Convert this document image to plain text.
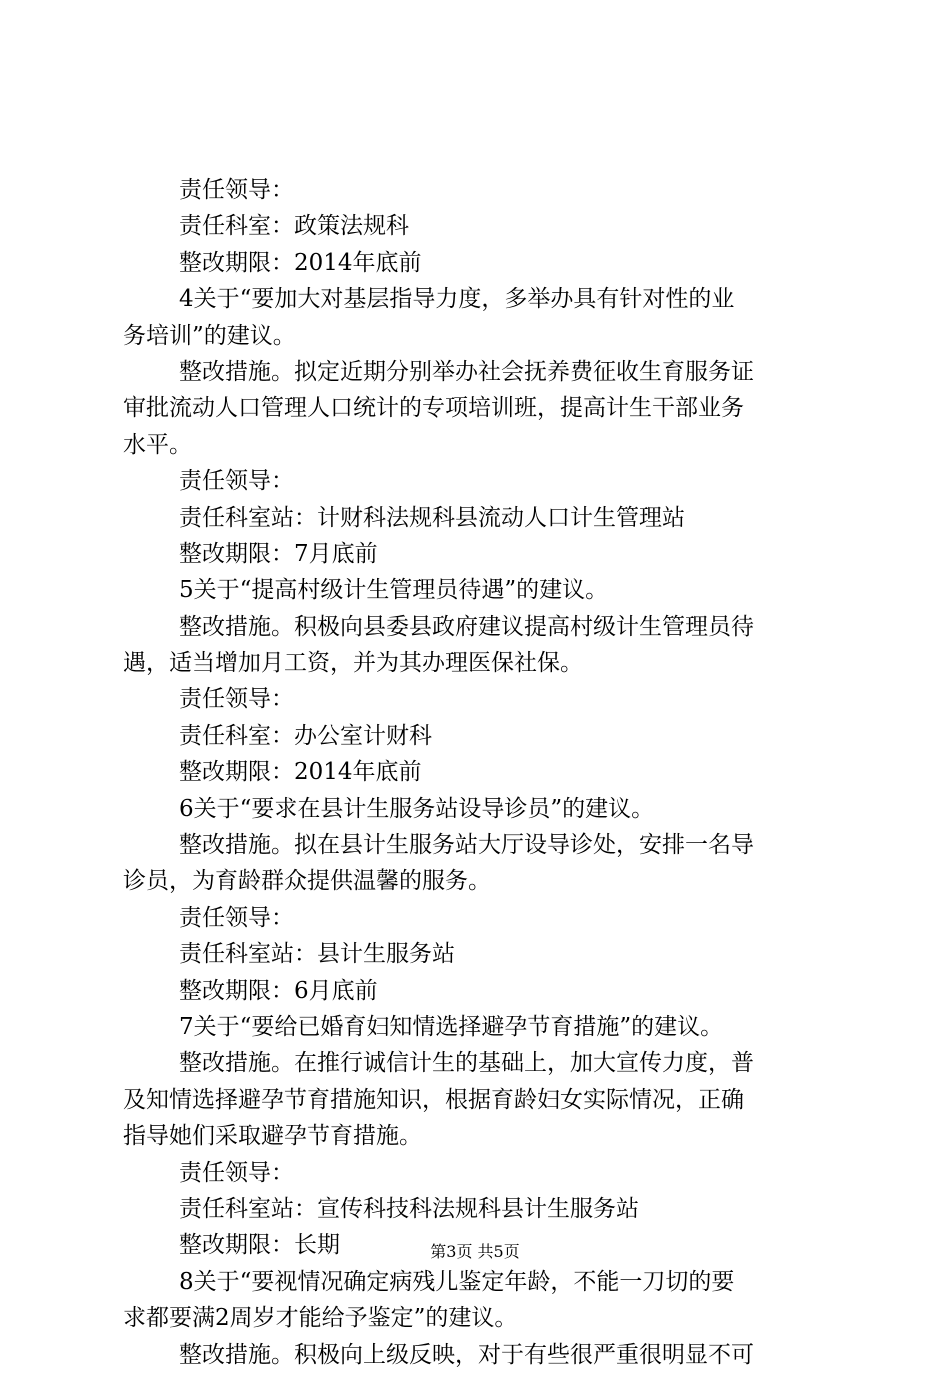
责任领导：
责任科室：政策法规科
整改期限：2014年底前
4关于“要加大对基层指导力度，多举办具有针对性的业
务培训”的建议。
整改措施。拟定近期分别举办社会抚养费征收生育服务证
审批流动人口管理人口统计的专项培训班，提高计生干部业务
水平。
责任领导：
责任科室站：计财科法规科县流动人口计生管理站
整改期限：7月底前
5关于“提高村级计生管理员待遇”的建议。
整改措施。积极向县委县政府建议提高村级计生管理员待
遇，适当增加月工资，并为其办理医保社保。
责任领导：
责任科室：办公室计财科
整改期限：2014年底前
6关于“要求在县计生服务站设导诊员”的建议。
整改措施。拟在县计生服务站大厅设导诊处，安排一名导
诊员，为育龄群众提供温馨的服务。
责任领导：
责任科室站：县计生服务站
整改期限：6月底前
7关于“要给已婚育妇知情选择避孕节育措施”的建议。
整改措施。在推行诚信计生的基础上，加大宣传力度，普
及知情选择避孕节育措施知识，根据育龄妇女实际情况，正确
指导她们采取避孕节育措施。
责任领导：
责任科室站：宣传科技科法规科县计生服务站
整改期限：长期
8关于“要视情况确定病残儿鉴定年龄，不能一刀切的要
求都要满2周岁才能给予鉴定”的建议。
整改措施。积极向上级反映，对于有些很严重很明显不可
第3页 共5页
